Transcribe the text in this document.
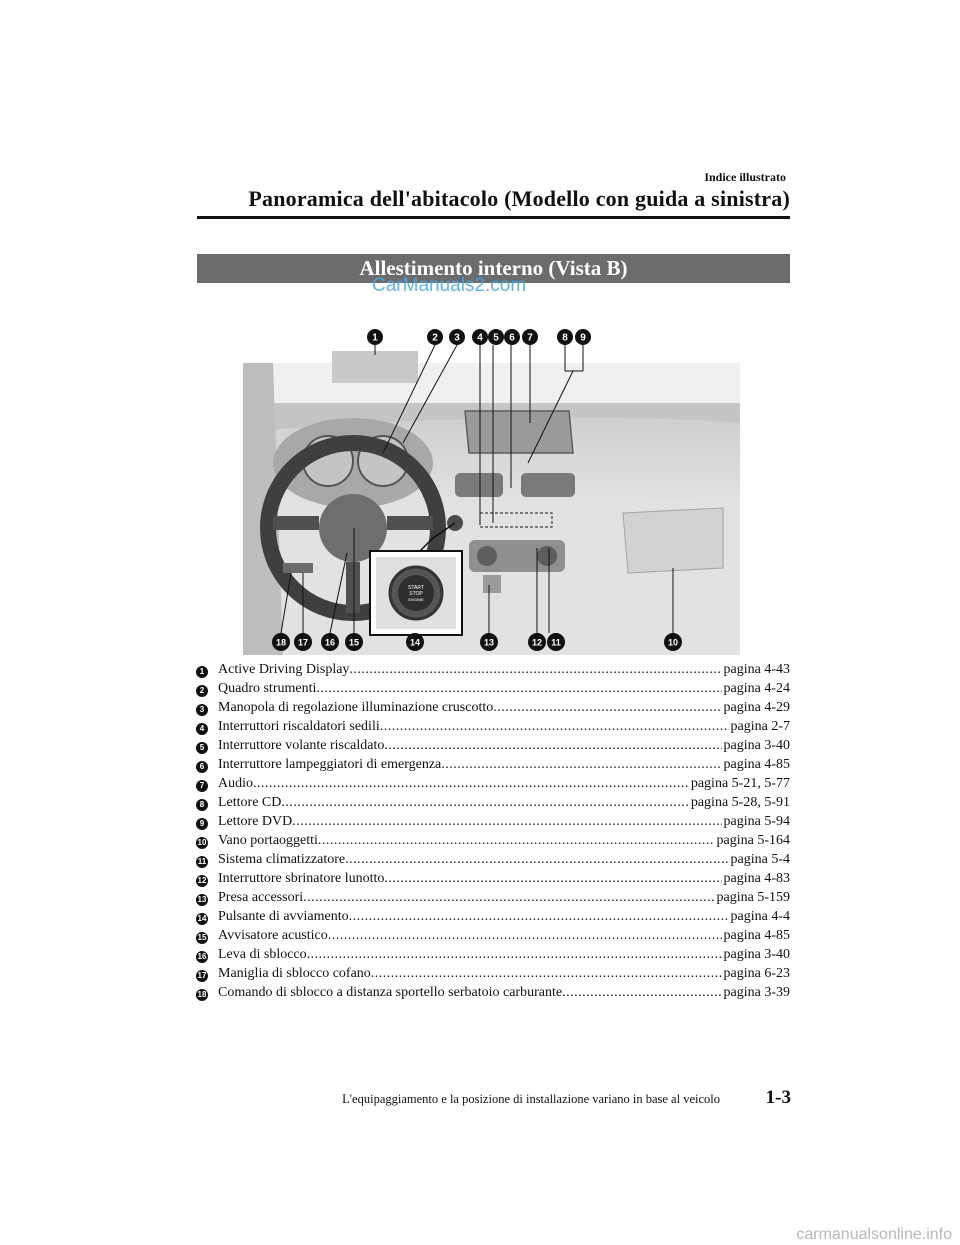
Indice illustrato
Panoramica dell'abitacolo (Modello con guida a sinistra)
Allestimento interno (Vista B)
CarManuals2.com
START
STOP
ENGINE
1	2 3 4 5 6 7	8 9
18 17 16 15	14	13	12 11	10
1 Active Driving Display .....	pagina 4-43
2 Quadro strumenti .....	pagina 4-24
3 Manopola di regolazione illuminazione cruscotto .....	pagina 4-29
4 Interruttori riscaldatori sedili .....	pagina 2-7
5 Interruttore volante riscaldato .....	pagina 3-40
6 Interruttore lampeggiatori di emergenza .....	pagina 4-85
7 Audio .....	pagina 5-21, 5-77
8 Lettore CD .....	pagina 5-28, 5-91
9 Lettore DVD .....	pagina 5-94
10 Vano portaoggetti .....	pagina 5-164
11 Sistema climatizzatore .....	pagina 5-4
12 Interruttore sbrinatore lunotto .....	pagina 4-83
13 Presa accessori .....	pagina 5-159
14 Pulsante di avviamento .....	pagina 4-4
15 Avvisatore acustico .....	pagina 4-85
16 Leva di sblocco .....	pagina 3-40
17 Maniglia di sblocco cofano .....	pagina 6-23
18 Comando di sblocco a distanza sportello serbatoio carburante .....	pagina 3-39
L'equipaggiamento e la posizione di installazione variano in base al veicolo	1-3
carmanualsonline.info
